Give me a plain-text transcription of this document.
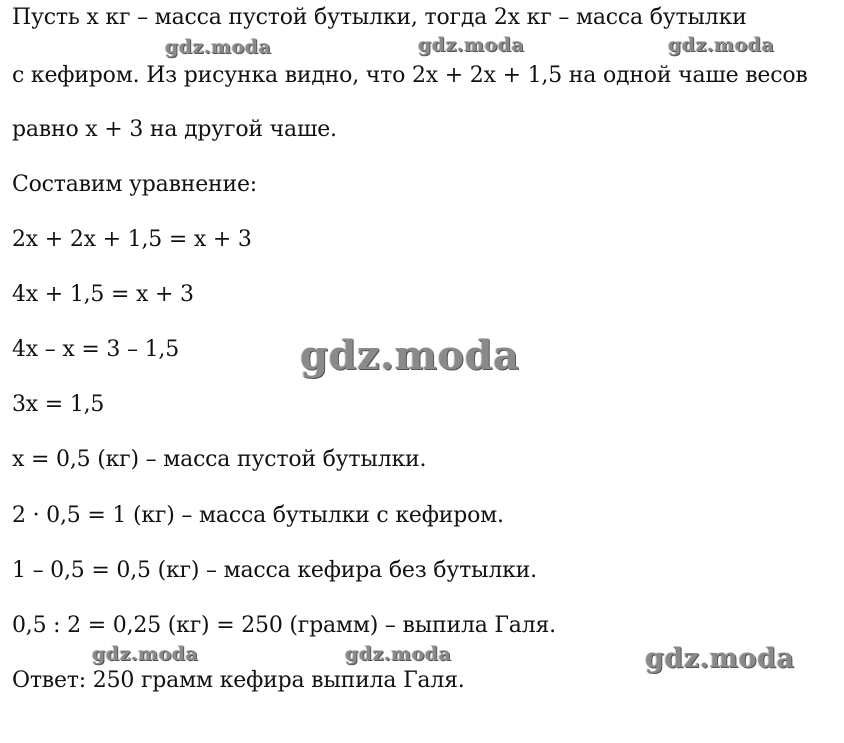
Пусть x кг – масса пустой бутылки, тогда 2x кг – масса бутылки
с кефиром. Из рисунка видно, что 2x + 2x + 1,5 на одной чаше весов
равно x + 3 на другой чаше.
Составим уравнение:
2x + 2x + 1,5 = x + 3
4x + 1,5 = x + 3
4x – x = 3 – 1,5
3x = 1,5
x = 0,5 (кг) – масса пустой бутылки.
2 · 0,5 = 1 (кг) – масса бутылки с кефиром.
1 – 0,5 = 0,5 (кг) – масса кефира без бутылки.
0,5 : 2 = 0,25 (кг) = 250 (грамм) – выпила Галя.
Ответ: 250 грамм кефира выпила Галя.
gdz.moda	gdz.moda	gdz.moda
gdz.moda
gdz.moda	gdz.moda	gdz.moda
